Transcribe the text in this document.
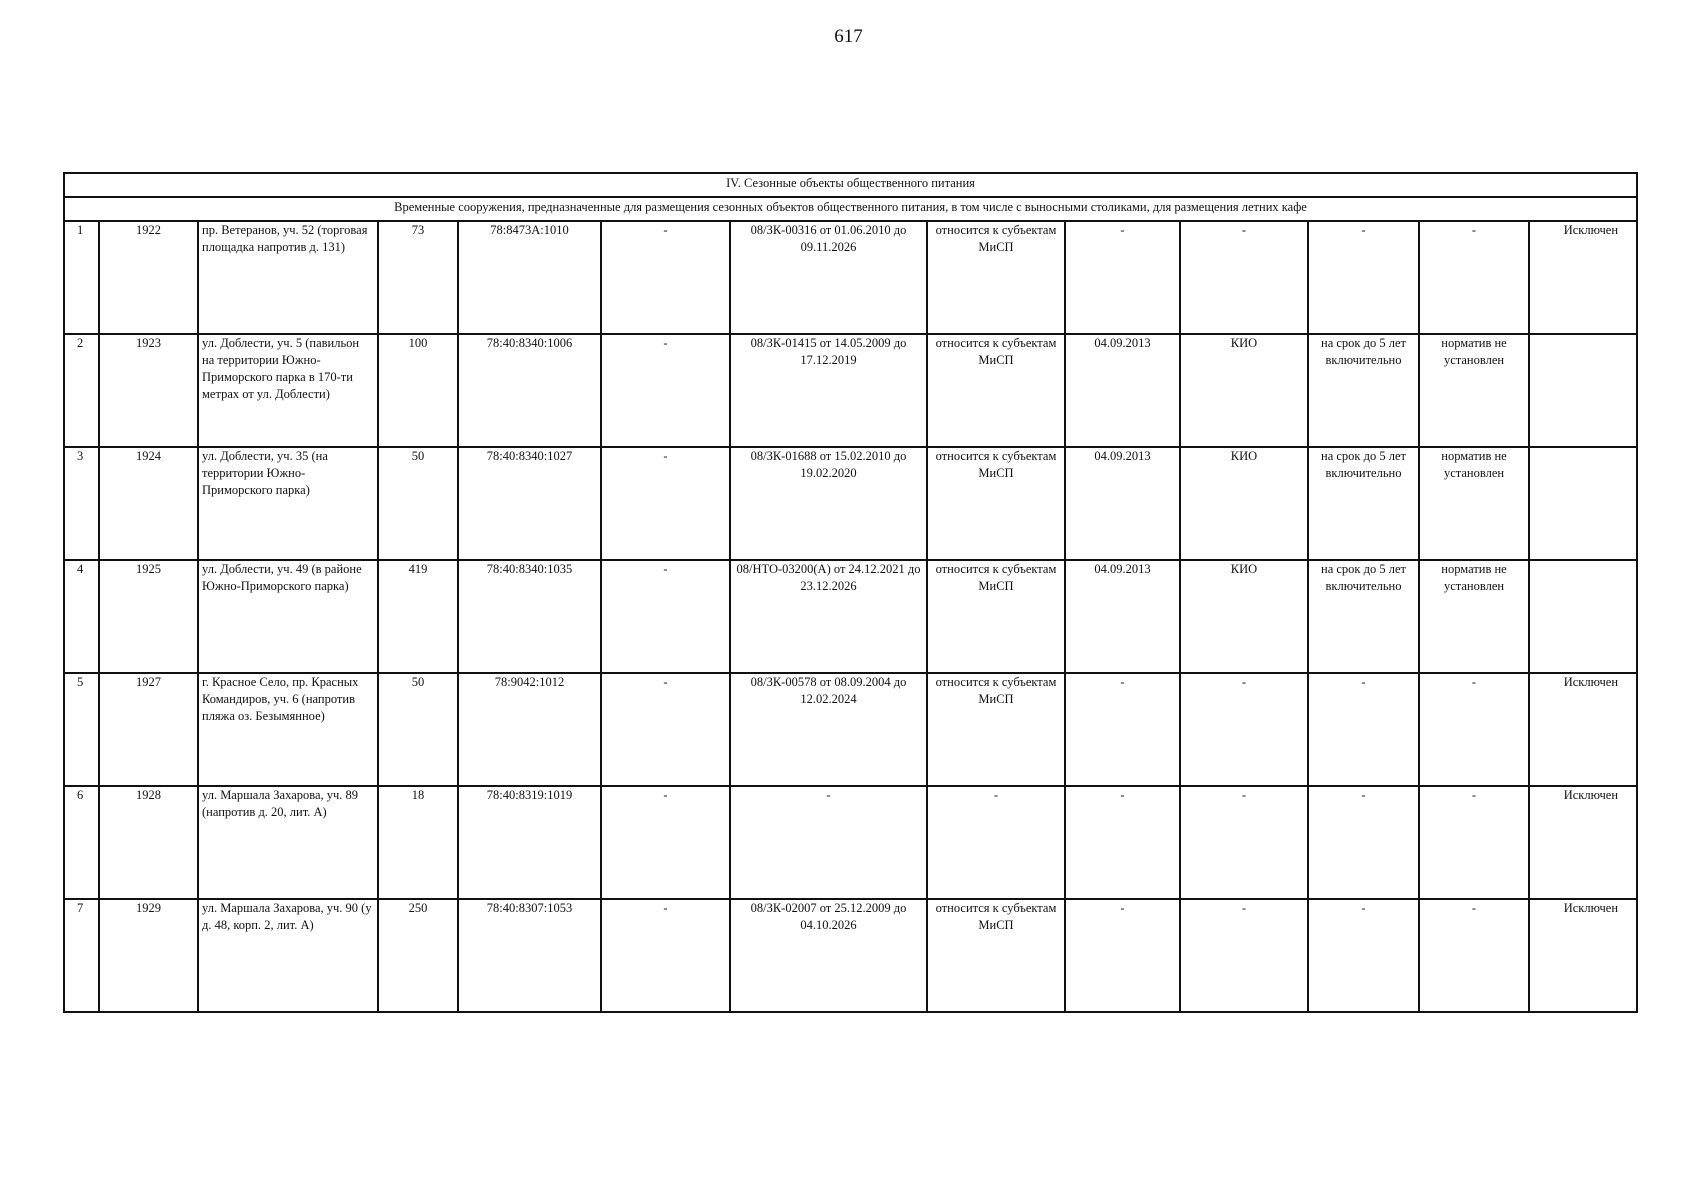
617
IV. Сезонные объекты общественного питания												
Временные сооружения, предназначенные для размещения сезонных объектов общественного питания, в том числе с выносными столиками, для размещения летних кафе												
1	1922	пр. Ветеранов, уч. 52 (торговая площадка напротив д. 131)	73	78:8473А:1010	-	08/ЗК-00316 от 01.06.2010 до 09.11.2026	относится к субъектам МиСП	-	-	-	-	Исключен
2	1923	ул. Доблести, уч. 5 (павильон на территории Южно-Приморского парка в 170-ти метрах от ул. Доблести)	100	78:40:8340:1006	-	08/ЗК-01415 от 14.05.2009 до 17.12.2019	относится к субъектам МиСП	04.09.2013	КИО	на срок до 5 лет включительно	норматив не установлен	
3	1924	ул. Доблести, уч. 35 (на территории Южно-Приморского парка)	50	78:40:8340:1027	-	08/ЗК-01688 от 15.02.2010 до 19.02.2020	относится к субъектам МиСП	04.09.2013	КИО	на срок до 5 лет включительно	норматив не установлен	
4	1925	ул. Доблести, уч. 49 (в районе Южно-Приморского парка)	419	78:40:8340:1035	-	08/НТО-03200(А) от 24.12.2021 до 23.12.2026	относится к субъектам МиСП	04.09.2013	КИО	на срок до 5 лет включительно	норматив не установлен	
5	1927	г. Красное Село, пр. Красных Командиров, уч. 6 (напротив пляжа оз. Безымянное)	50	78:9042:1012	-	08/ЗК-00578 от 08.09.2004 до 12.02.2024	относится к субъектам МиСП	-	-	-	-	Исключен
6	1928	ул. Маршала Захарова, уч. 89 (напротив д. 20, лит. А)	18	78:40:8319:1019	-	-	-	-	-	-	-	Исключен
7	1929	ул. Маршала Захарова, уч. 90 (у д. 48, корп. 2, лит. А)	250	78:40:8307:1053	-	08/ЗК-02007 от 25.12.2009 до 04.10.2026	относится к субъектам МиСП	-	-	-	-	Исключен
